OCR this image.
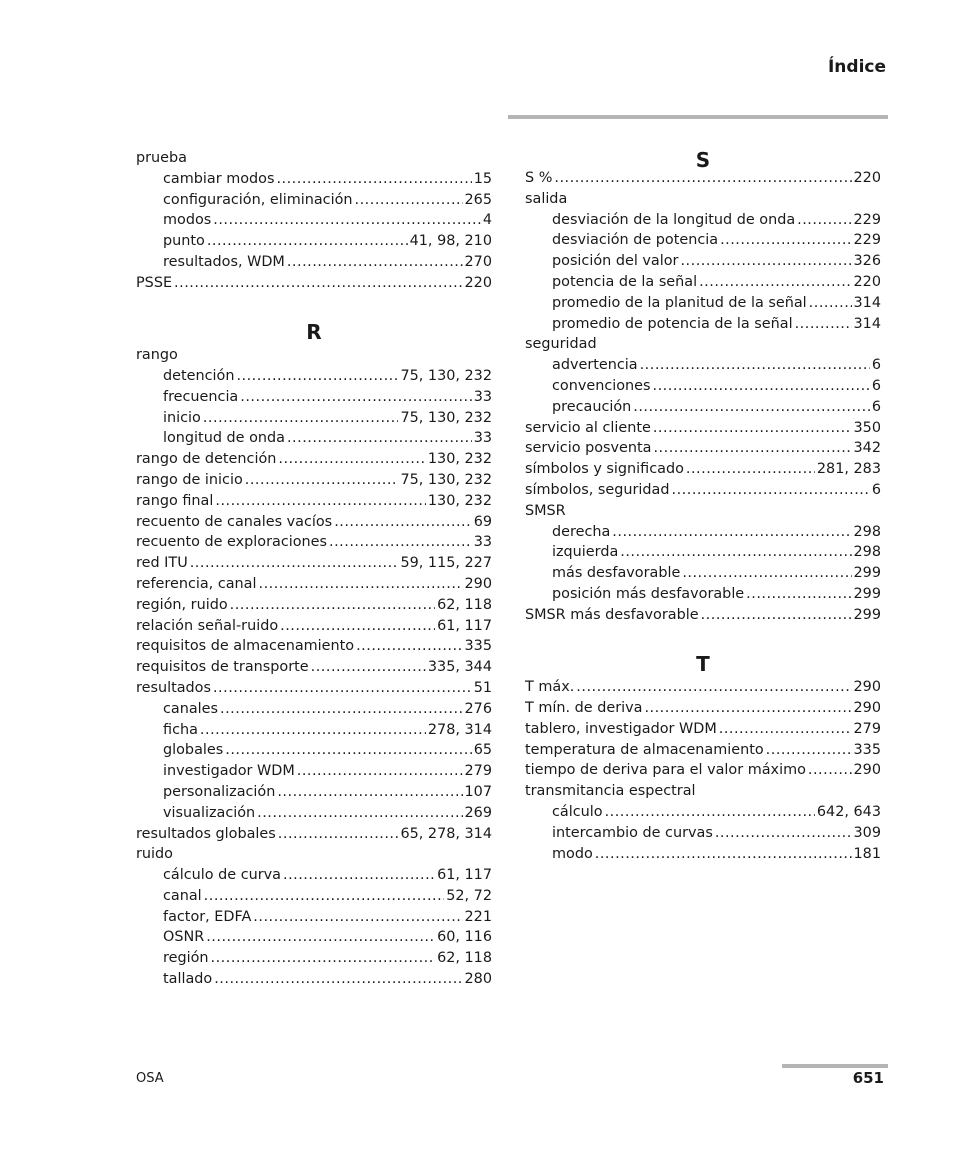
Índice
prueba
cambiar modos .....	15
configuración, eliminación .....	265
modos .....	4
punto .....	41, 98, 210
resultados, WDM .....	270
PSSE .....	220
R
rango
detención .....	75, 130, 232
frecuencia .....	33
inicio .....	75, 130, 232
longitud de onda .....	33
rango de detención .....	130, 232
rango de inicio .....	75, 130, 232
rango final .....	130, 232
recuento de canales vacíos .....	69
recuento de exploraciones .....	33
red ITU .....	59, 115, 227
referencia, canal .....	290
región, ruido .....	62, 118
relación señal-ruido .....	61, 117
requisitos de almacenamiento .....	335
requisitos de transporte .....	335, 344
resultados .....	51
canales .....	276
ficha .....	278, 314
globales .....	65
investigador WDM .....	279
personalización .....	107
visualización .....	269
resultados globales .....	65, 278, 314
ruido
cálculo de curva .....	61, 117
canal .....	52, 72
factor, EDFA .....	221
OSNR .....	60, 116
región .....	62, 118
tallado .....	280
S
S % .....	220
salida
desviación de la longitud de onda .....	229
desviación de potencia .....	229
posición del valor .....	326
potencia de la señal .....	220
promedio de la planitud de la señal .....	314
promedio de potencia de la señal .....	314
seguridad
advertencia .....	6
convenciones .....	6
precaución .....	6
servicio al cliente .....	350
servicio posventa .....	342
símbolos y significado .....	281, 283
símbolos, seguridad .....	6
SMSR
derecha .....	298
izquierda .....	298
más desfavorable .....	299
posición más desfavorable .....	299
SMSR más desfavorable .....	299
T
T máx. .....	290
T mín. de deriva .....	290
tablero, investigador WDM .....	279
temperatura de almacenamiento .....	335
tiempo de deriva para el valor máximo .....	290
transmitancia espectral
cálculo .....	642, 643
intercambio de curvas .....	309
modo .....	181
OSA	651
